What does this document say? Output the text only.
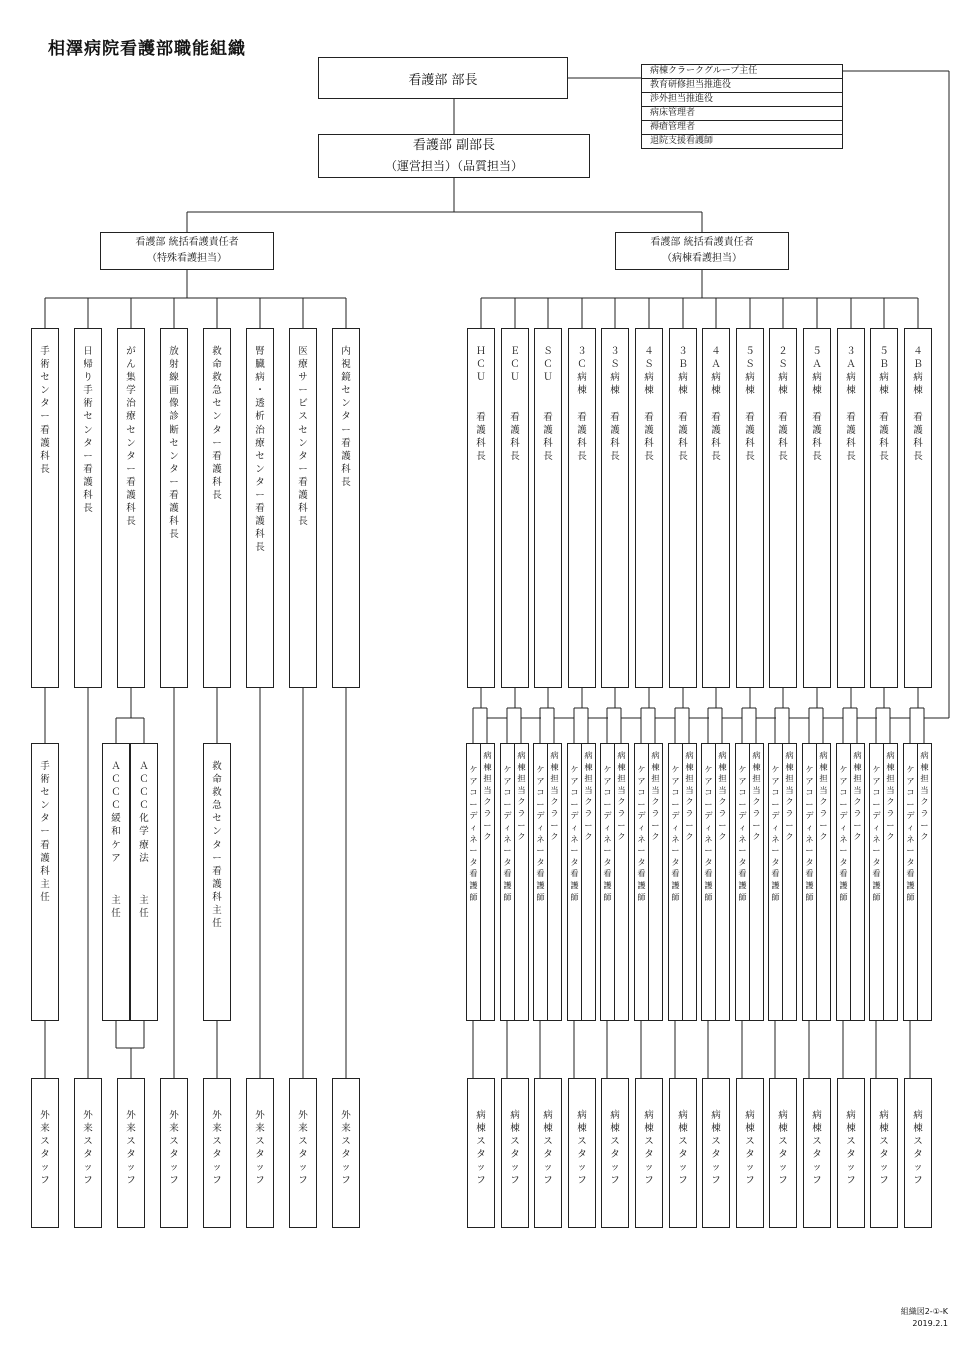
相澤病院看護部職能組織
看護部 部長
病棟クラークグループ主任
教育研修担当推進役
渉外担当推進役
病床管理者
褥瘡管理者
退院支援看護師
看護部 副部長
（運営担当）（品質担当）
看護部 統括看護責任者
（特殊看護担当）
看護部 統括看護責任者
（病棟看護担当）
手
術
セ
ン
タ
ー
看
護
科
長
外
来
ス
タ
ッ
フ
手
術
セ
ン
タ
ー
看
護
科
主
任
日
帰
り
手
術
セ
ン
タ
ー
看
護
科
長
外
来
ス
タ
ッ
フ
が
ん
集
学
治
療
セ
ン
タ
ー
看
護
科
長
外
来
ス
タ
ッ
フ
放
射
線
画
像
診
断
セ
ン
タ
ー
看
護
科
長
外
来
ス
タ
ッ
フ
救
命
救
急
セ
ン
タ
ー
看
護
科
長
外
来
ス
タ
ッ
フ
救
命
救
急
セ
ン
タ
ー
看
護
科
主
任
腎
臓
病
・
透
析
治
療
セ
ン
タ
ー
看
護
科
長
外
来
ス
タ
ッ
フ
医
療
サ
ー
ビ
ス
セ
ン
タ
ー
看
護
科
長
外
来
ス
タ
ッ
フ
内
視
鏡
セ
ン
タ
ー
看
護
科
長
外
来
ス
タ
ッ
フ
Ａ
Ｃ
Ｃ
Ｃ
緩
和
ケ
ア
主
任
Ａ
Ｃ
Ｃ
Ｃ
化
学
療
法
主
任
Ｈ
Ｃ
Ｕ
看
護
科
長
ケ
ア
コ
ー
デ
ィ
ネ
ー
タ
看
護
師
病
棟
担
当
ク
ラ
ー
ク
病
棟
ス
タ
ッ
フ
Ｅ
Ｃ
Ｕ
看
護
科
長
ケ
ア
コ
ー
デ
ィ
ネ
ー
タ
看
護
師
病
棟
担
当
ク
ラ
ー
ク
病
棟
ス
タ
ッ
フ
Ｓ
Ｃ
Ｕ
看
護
科
長
ケ
ア
コ
ー
デ
ィ
ネ
ー
タ
看
護
師
病
棟
担
当
ク
ラ
ー
ク
病
棟
ス
タ
ッ
フ
３
Ｃ
病
棟
看
護
科
長
ケ
ア
コ
ー
デ
ィ
ネ
ー
タ
看
護
師
病
棟
担
当
ク
ラ
ー
ク
病
棟
ス
タ
ッ
フ
３
Ｓ
病
棟
看
護
科
長
ケ
ア
コ
ー
デ
ィ
ネ
ー
タ
看
護
師
病
棟
担
当
ク
ラ
ー
ク
病
棟
ス
タ
ッ
フ
４
Ｓ
病
棟
看
護
科
長
ケ
ア
コ
ー
デ
ィ
ネ
ー
タ
看
護
師
病
棟
担
当
ク
ラ
ー
ク
病
棟
ス
タ
ッ
フ
３
Ｂ
病
棟
看
護
科
長
ケ
ア
コ
ー
デ
ィ
ネ
ー
タ
看
護
師
病
棟
担
当
ク
ラ
ー
ク
病
棟
ス
タ
ッ
フ
４
Ａ
病
棟
看
護
科
長
ケ
ア
コ
ー
デ
ィ
ネ
ー
タ
看
護
師
病
棟
担
当
ク
ラ
ー
ク
病
棟
ス
タ
ッ
フ
５
Ｓ
病
棟
看
護
科
長
ケ
ア
コ
ー
デ
ィ
ネ
ー
タ
看
護
師
病
棟
担
当
ク
ラ
ー
ク
病
棟
ス
タ
ッ
フ
２
Ｓ
病
棟
看
護
科
長
ケ
ア
コ
ー
デ
ィ
ネ
ー
タ
看
護
師
病
棟
担
当
ク
ラ
ー
ク
病
棟
ス
タ
ッ
フ
５
Ａ
病
棟
看
護
科
長
ケ
ア
コ
ー
デ
ィ
ネ
ー
タ
看
護
師
病
棟
担
当
ク
ラ
ー
ク
病
棟
ス
タ
ッ
フ
３
Ａ
病
棟
看
護
科
長
ケ
ア
コ
ー
デ
ィ
ネ
ー
タ
看
護
師
病
棟
担
当
ク
ラ
ー
ク
病
棟
ス
タ
ッ
フ
５
Ｂ
病
棟
看
護
科
長
ケ
ア
コ
ー
デ
ィ
ネ
ー
タ
看
護
師
病
棟
担
当
ク
ラ
ー
ク
病
棟
ス
タ
ッ
フ
４
Ｂ
病
棟
看
護
科
長
ケ
ア
コ
ー
デ
ィ
ネ
ー
タ
看
護
師
病
棟
担
当
ク
ラ
ー
ク
病
棟
ス
タ
ッ
フ
組織図2-①-K
2019.2.1
